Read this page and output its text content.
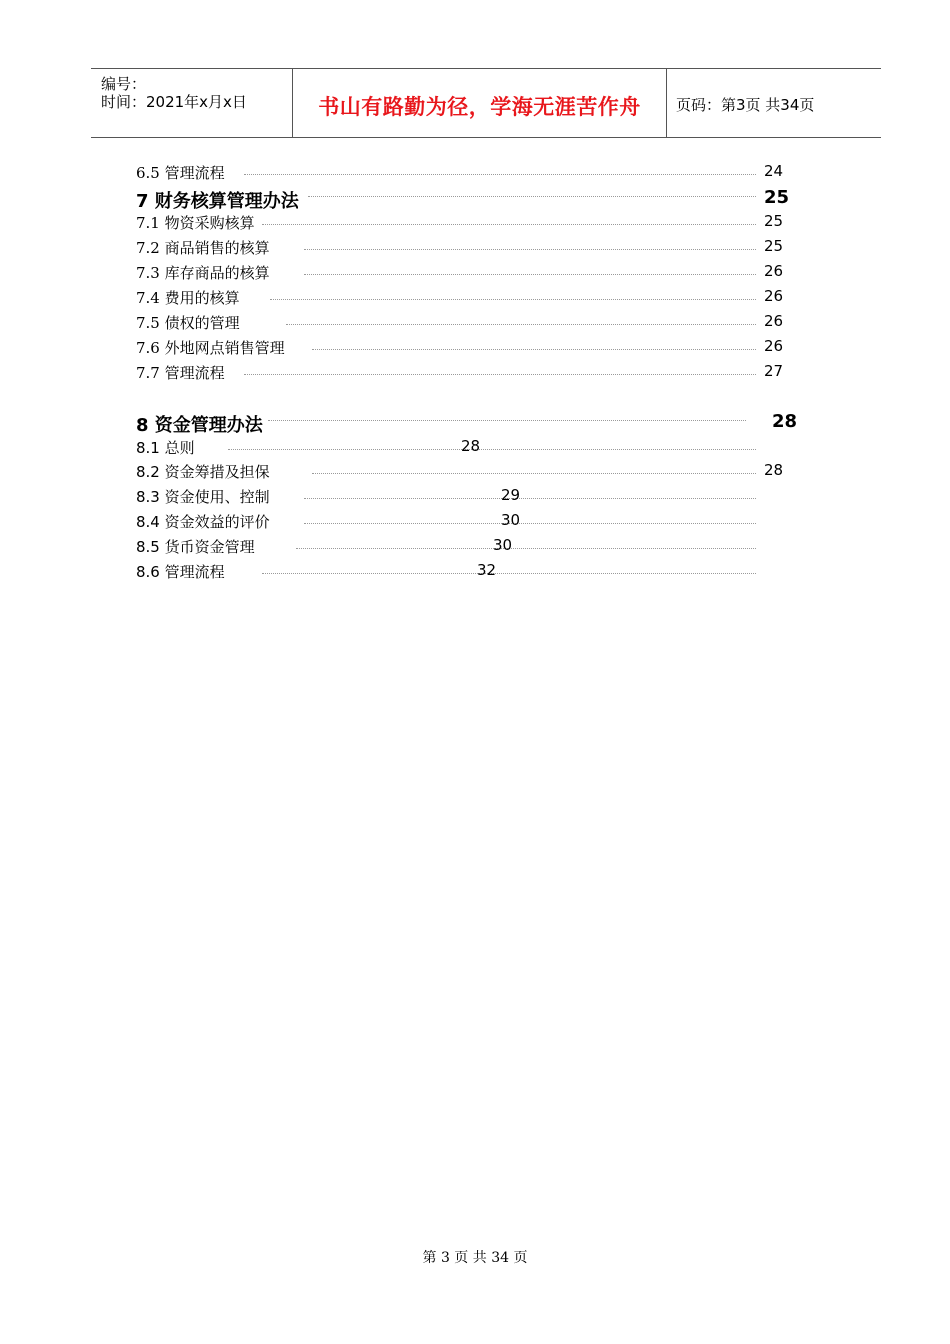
编号：
时间：2021年x月x日	书山有路勤为径，学海无涯苦作舟	页码：第3页 共34页
6.5 管理流程	24
7 财务核算管理办法	25
7.1 物资采购核算	25
7.2 商品销售的核算	25
7.3 库存商品的核算	26
7.4 费用的核算	26
7.5 债权的管理	26
7.6 外地网点销售管理	26
7.7 管理流程	27
8 资金管理办法	28
8.1 总则	28
8.2 资金筹措及担保	28
8.3 资金使用、控制	29
8.4 资金效益的评价	30
8.5 货币资金管理	30
8.6 管理流程	32
第 3 页 共 34 页
